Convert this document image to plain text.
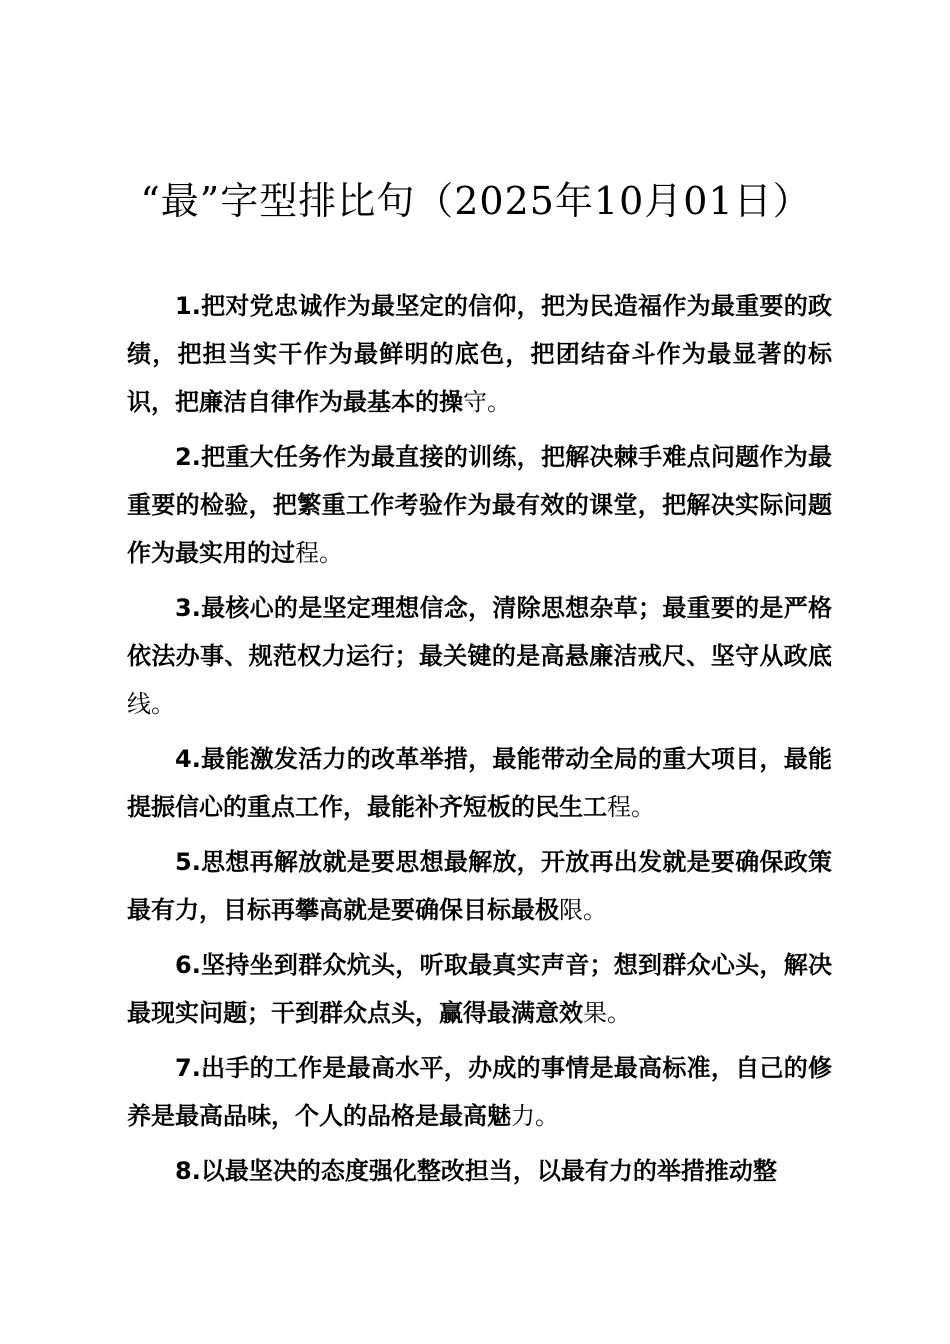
“最”字型排比句（2025年10月01日）

1.把对党忠诚作为最坚定的信仰，把为民造福作为最重要的政绩，把担当实干作为最鲜明的底色，把团结奋斗作为最显著的标识，把廉洁自律作为最基本的操守。

2.把重大任务作为最直接的训练，把解决棘手难点问题作为最重要的检验，把繁重工作考验作为最有效的课堂，把解决实际问题作为最实用的过程。

3.最核心的是坚定理想信念，清除思想杂草；最重要的是严格依法办事、规范权力运行；最关键的是高悬廉洁戒尺、坚守从政底线。

4.最能激发活力的改革举措，最能带动全局的重大项目，最能提振信心的重点工作，最能补齐短板的民生工程。

5.思想再解放就是要思想最解放，开放再出发就是要确保政策最有力，目标再攀高就是要确保目标最极限。

6.坚持坐到群众炕头，听取最真实声音；想到群众心头，解决最现实问题；干到群众点头，赢得最满意效果。

7.出手的工作是最高水平，办成的事情是最高标准，自己的修养是最高品味，个人的品格是最高魅力。

8.以最坚决的态度强化整改担当，以最有力的举措推动整
